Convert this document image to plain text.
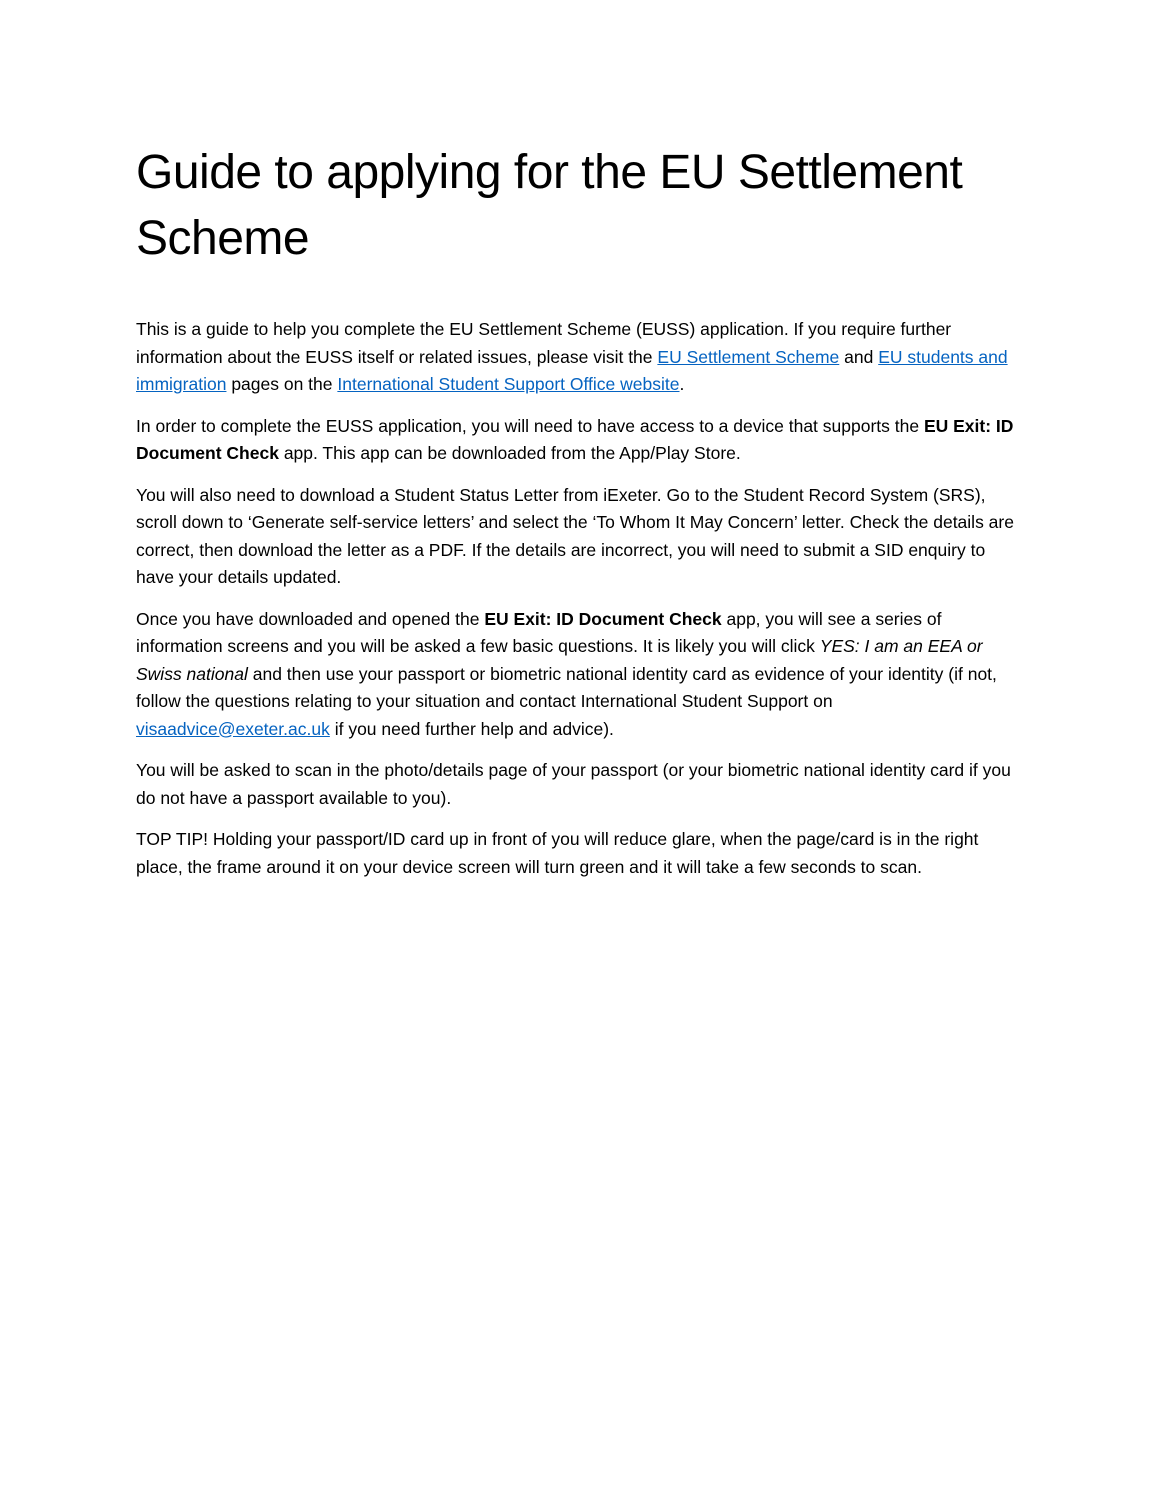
Guide to applying for the EU Settlement Scheme

This is a guide to help you complete the EU Settlement Scheme (EUSS) application. If you require further information about the EUSS itself or related issues, please visit the EU Settlement Scheme and EU students and immigration pages on the International Student Support Office website.

In order to complete the EUSS application, you will need to have access to a device that supports the EU Exit: ID Document Check app. This app can be downloaded from the App/Play Store.

You will also need to download a Student Status Letter from iExeter. Go to the Student Record System (SRS), scroll down to ‘Generate self-service letters’ and select the ‘To Whom It May Concern’ letter. Check the details are correct, then download the letter as a PDF. If the details are incorrect, you will need to submit a SID enquiry to have your details updated.

Once you have downloaded and opened the EU Exit: ID Document Check app, you will see a series of information screens and you will be asked a few basic questions. It is likely you will click YES: I am an EEA or Swiss national and then use your passport or biometric national identity card as evidence of your identity (if not, follow the questions relating to your situation and contact International Student Support on visaadvice@exeter.ac.uk if you need further help and advice).

You will be asked to scan in the photo/details page of your passport (or your biometric national identity card if you do not have a passport available to you).

TOP TIP! Holding your passport/ID card up in front of you will reduce glare, when the page/card is in the right place, the frame around it on your device screen will turn green and it will take a few seconds to scan.
